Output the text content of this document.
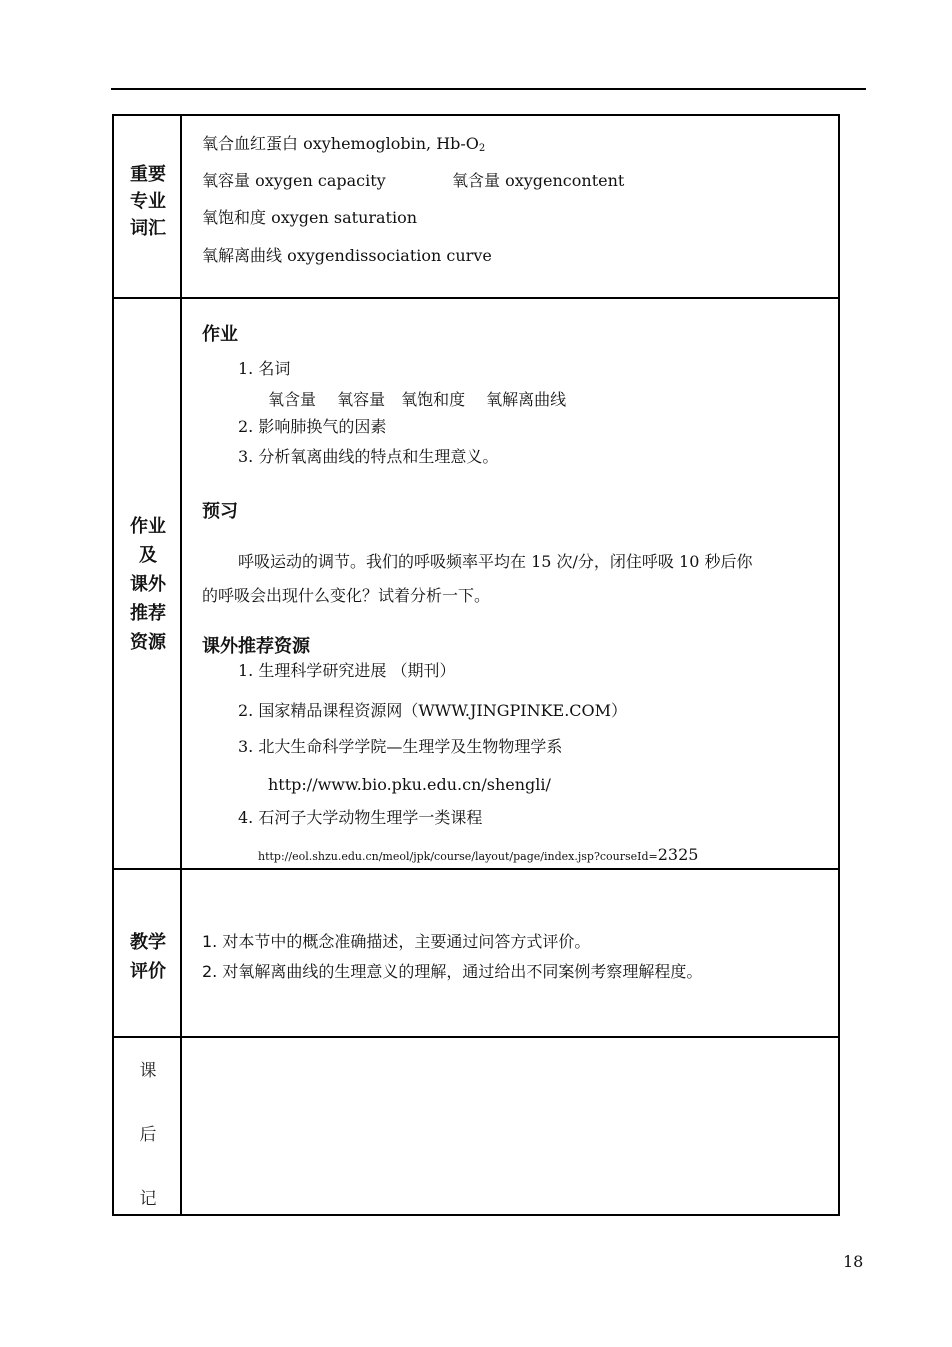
重要
专业
词汇
氧合血红蛋白 oxyhemoglobin, $Hb-O_2$
氧容量 oxygen capacity	氧含量 oxygencontent
氧饱和度 oxygen saturation
氧解离曲线 oxygendissociation curve
作业
及
课外
推荐
资源
作业
1. 名词
氧含量　 氧容量　氧饱和度　 氧解离曲线
2. 影响肺换气的因素
3. 分析氧离曲线的特点和生理意义。
预习
呼吸运动的调节。我们的呼吸频率平均在 15 次/分，闭住呼吸 10 秒后你
的呼吸会出现什么变化？试着分析一下。
课外推荐资源
1. 生理科学研究进展 （期刊）
2. 国家精品课程资源网（WWW.JINGPINKE.COM）
3. 北大生命科学学院—生理学及生物物理学系
http://www.bio.pku.edu.cn/shengli/
4. 石河子大学动物生理学一类课程
http://eol.shzu.edu.cn/meol/jpk/course/layout/page/index.jsp?courseId=2325
教学
评价
1. 对本节中的概念准确描述，主要通过问答方式评价。
2. 对氧解离曲线的生理意义的理解，通过给出不同案例考察理解程度。
课
后
记
18
